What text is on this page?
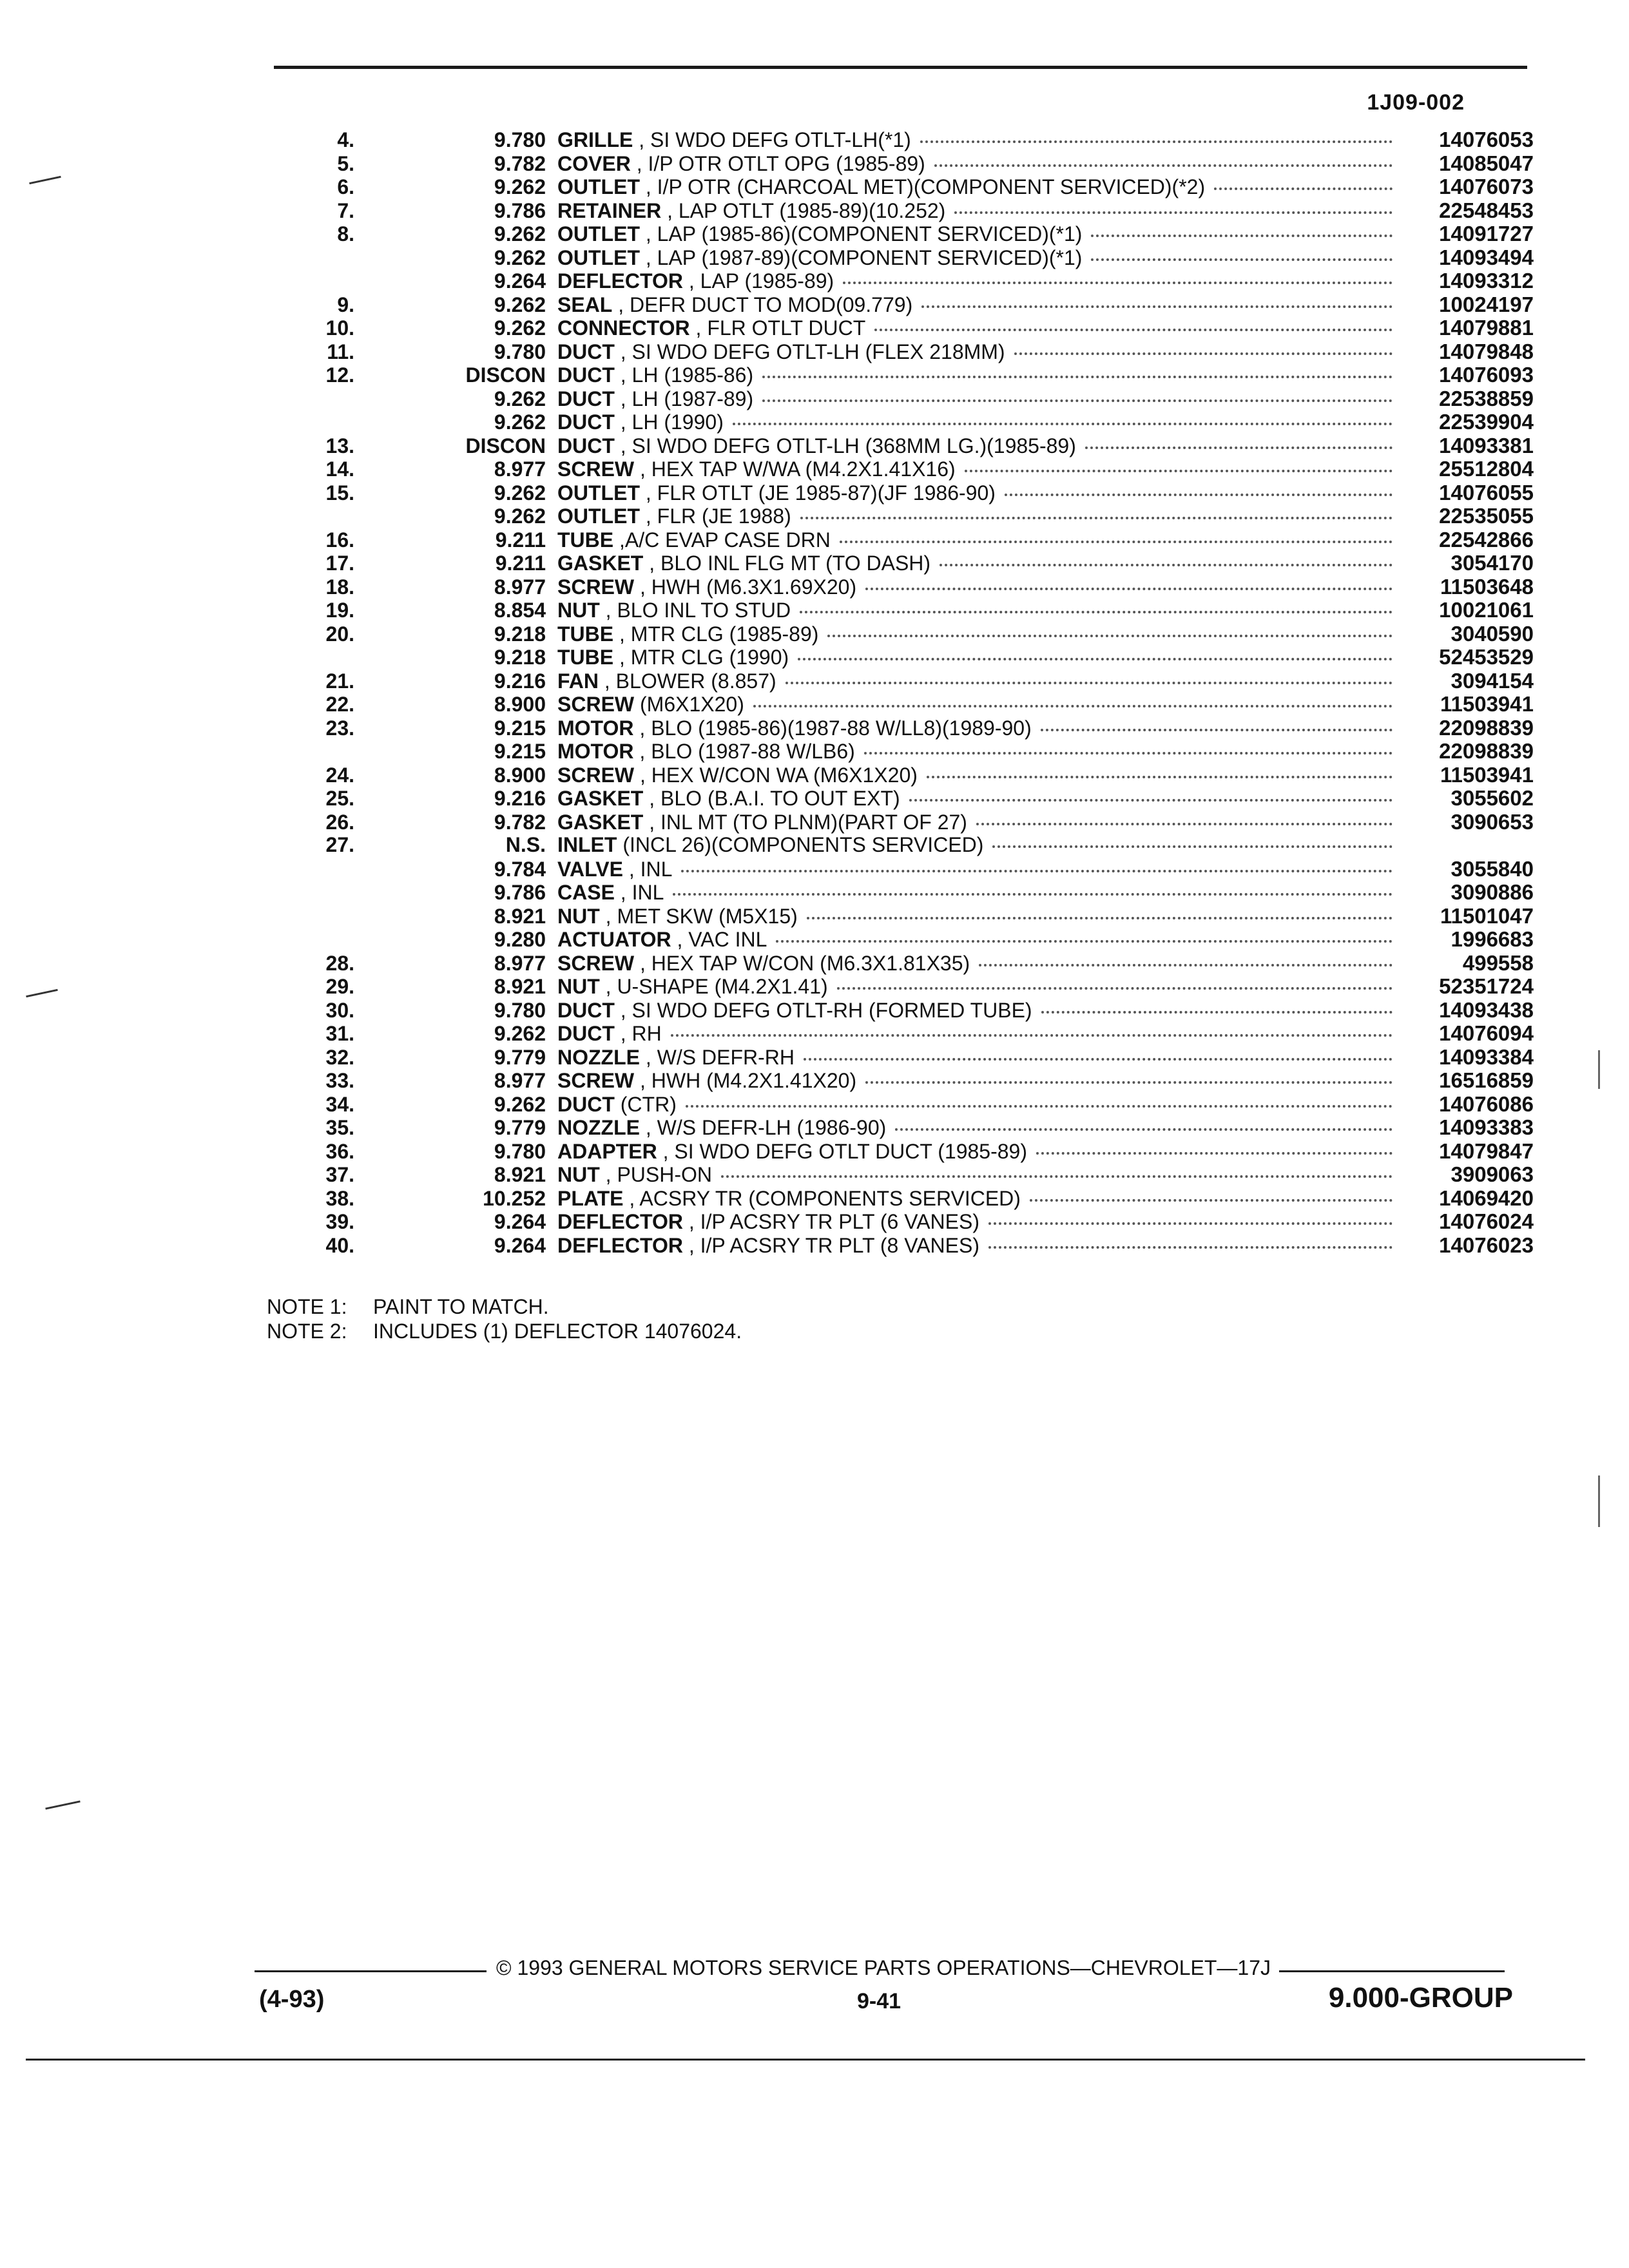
1J09-002
4.	9.780 GRILLE , SI WDO DEFG OTLT-LH(*1)	14076053
5.	9.782 COVER , I/P OTR OTLT OPG (1985-89)	14085047
6.	9.262 OUTLET , I/P OTR (CHARCOAL MET)(COMPONENT SERVICED)(*2)	14076073
7.	9.786 RETAINER , LAP OTLT (1985-89)(10.252)	22548453
8.	9.262 OUTLET , LAP (1985-86)(COMPONENT SERVICED)(*1)	14091727
9.262 OUTLET , LAP (1987-89)(COMPONENT SERVICED)(*1)	14093494
9.264 DEFLECTOR , LAP (1985-89)	14093312
9.	9.262 SEAL , DEFR DUCT TO MOD(09.779)	10024197
10.	9.262 CONNECTOR , FLR OTLT DUCT	14079881
11.	9.780 DUCT , SI WDO DEFG OTLT-LH (FLEX 218MM)	14079848
12.	DISCON DUCT , LH (1985-86)	14076093
9.262 DUCT , LH (1987-89)	22538859
9.262 DUCT , LH (1990)	22539904
13.	DISCON DUCT , SI WDO DEFG OTLT-LH (368MM LG.)(1985-89)	14093381
14.	8.977 SCREW , HEX TAP W/WA (M4.2X1.41X16)	25512804
15.	9.262 OUTLET , FLR OTLT (JE 1985-87)(JF 1986-90)	14076055
9.262 OUTLET , FLR (JE 1988)	22535055
16.	9.211 TUBE ,A/C EVAP CASE DRN	22542866
17.	9.211 GASKET , BLO INL FLG MT (TO DASH)	3054170
18.	8.977 SCREW , HWH (M6.3X1.69X20)	11503648
19.	8.854 NUT , BLO INL TO STUD	10021061
20.	9.218 TUBE , MTR CLG (1985-89)	3040590
9.218 TUBE , MTR CLG (1990)	52453529
21.	9.216 FAN , BLOWER (8.857)	3094154
22.	8.900 SCREW (M6X1X20)	11503941
23.	9.215 MOTOR , BLO (1985-86)(1987-88 W/LL8)(1989-90)	22098839
9.215 MOTOR , BLO (1987-88 W/LB6)	22098839
24.	8.900 SCREW , HEX W/CON WA (M6X1X20)	11503941
25.	9.216 GASKET , BLO (B.A.I. TO OUT EXT)	3055602
26.	9.782 GASKET , INL MT (TO PLNM)(PART OF 27)	3090653
27.	N.S. INLET (INCL 26)(COMPONENTS SERVICED)
9.784 VALVE , INL	3055840
9.786 CASE , INL	3090886
8.921 NUT , MET SKW (M5X15)	11501047
9.280 ACTUATOR , VAC INL	1996683
28.	8.977 SCREW , HEX TAP W/CON (M6.3X1.81X35)	499558
29.	8.921 NUT , U-SHAPE (M4.2X1.41)	52351724
30.	9.780 DUCT , SI WDO DEFG OTLT-RH (FORMED TUBE)	14093438
31.	9.262 DUCT , RH	14076094
32.	9.779 NOZZLE , W/S DEFR-RH	14093384
33.	8.977 SCREW , HWH (M4.2X1.41X20)	16516859
34.	9.262 DUCT (CTR)	14076086
35.	9.779 NOZZLE , W/S DEFR-LH (1986-90)	14093383
36.	9.780 ADAPTER , SI WDO DEFG OTLT DUCT (1985-89)	14079847
37.	8.921 NUT , PUSH-ON	3909063
38.	10.252 PLATE , ACSRY TR (COMPONENTS SERVICED)	14069420
39.	9.264 DEFLECTOR , I/P ACSRY TR PLT (6 VANES)	14076024
40.	9.264 DEFLECTOR , I/P ACSRY TR PLT (8 VANES)	14076023
NOTE 1:	PAINT TO MATCH.
NOTE 2:	INCLUDES (1) DEFLECTOR 14076024.
© 1993 GENERAL MOTORS SERVICE PARTS OPERATIONS—CHEVROLET—17J
(4-93)	9-41	9.000-GROUP
